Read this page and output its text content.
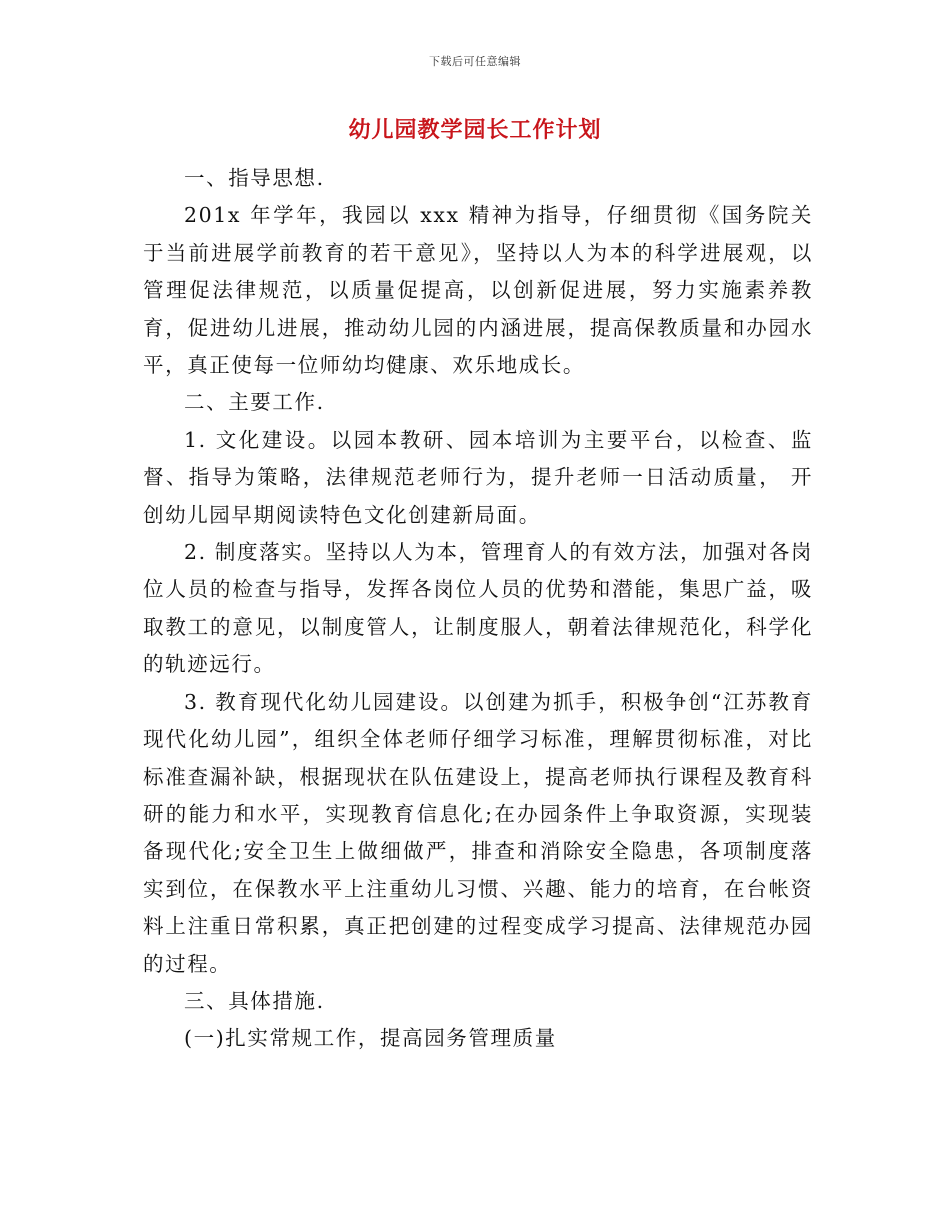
下载后可任意编辑
幼儿园教学园长工作计划

一、指导思想.

201x 年学年，我园以 xxx 精神为指导，仔细贯彻《国务院关于当前进展学前教育的若干意见》，坚持以人为本的科学进展观，以管理促法律规范，以质量促提高，以创新促进展，努力实施素养教育，促进幼儿进展，推动幼儿园的内涵进展，提高保教质量和办园水平，真正使每一位师幼均健康、欢乐地成长。

二、主要工作.

1. 文化建设。以园本教研、园本培训为主要平台，以检查、监督、指导为策略，法律规范老师行为，提升老师一日活动质量， 开创幼儿园早期阅读特色文化创建新局面。

2. 制度落实。坚持以人为本，管理育人的有效方法，加强对各岗位人员的检查与指导，发挥各岗位人员的优势和潜能，集思广益，吸取教工的意见，以制度管人，让制度服人，朝着法律规范化，科学化的轨迹远行。

3. 教育现代化幼儿园建设。以创建为抓手，积极争创“江苏教育现代化幼儿园”，组织全体老师仔细学习标准，理解贯彻标准，对比标准查漏补缺，根据现状在队伍建设上，提高老师执行课程及教育科研的能力和水平，实现教育信息化;在办园条件上争取资源，实现装备现代化;安全卫生上做细做严，排查和消除安全隐患，各项制度落实到位，在保教水平上注重幼儿习惯、兴趣、能力的培育，在台帐资料上注重日常积累，真正把创建的过程变成学习提高、法律规范办园的过程。

三、具体措施.

(一)扎实常规工作，提高园务管理质量
